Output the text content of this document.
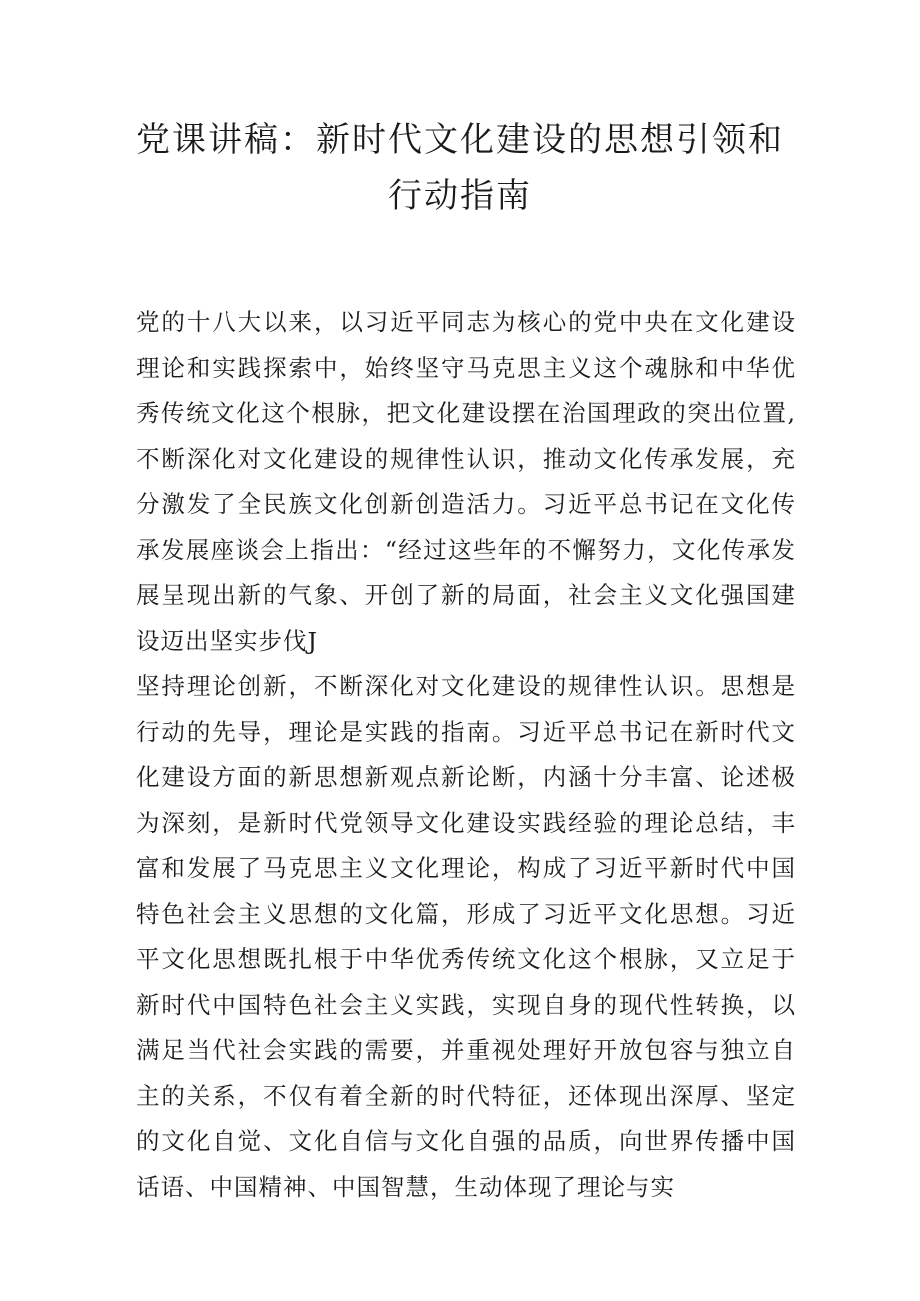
党课讲稿：新时代文化建设的思想引领和行动指南

党的十八大以来，以习近平同志为核心的党中央在文化建设理论和实践探索中，始终坚守马克思主义这个魂脉和中华优秀传统文化这个根脉，把文化建设摆在治国理政的突出位置,不断深化对文化建设的规律性认识，推动文化传承发展，充分激发了全民族文化创新创造活力。习近平总书记在文化传承发展座谈会上指出：“经过这些年的不懈努力，文化传承发展呈现出新的气象、开创了新的局面，社会主义文化强国建设迈出坚实步伐J

坚持理论创新，不断深化对文化建设的规律性认识。思想是行动的先导，理论是实践的指南。习近平总书记在新时代文化建设方面的新思想新观点新论断，内涵十分丰富、论述极为深刻，是新时代党领导文化建设实践经验的理论总结，丰富和发展了马克思主义文化理论，构成了习近平新时代中国特色社会主义思想的文化篇，形成了习近平文化思想。习近平文化思想既扎根于中华优秀传统文化这个根脉，又立足于新时代中国特色社会主义实践，实现自身的现代性转换，以满足当代社会实践的需要，并重视处理好开放包容与独立自主的关系，不仅有着全新的时代特征，还体现出深厚、坚定的文化自觉、文化自信与文化自强的品质，向世界传播中国话语、中国精神、中国智慧，生动体现了理论与实
